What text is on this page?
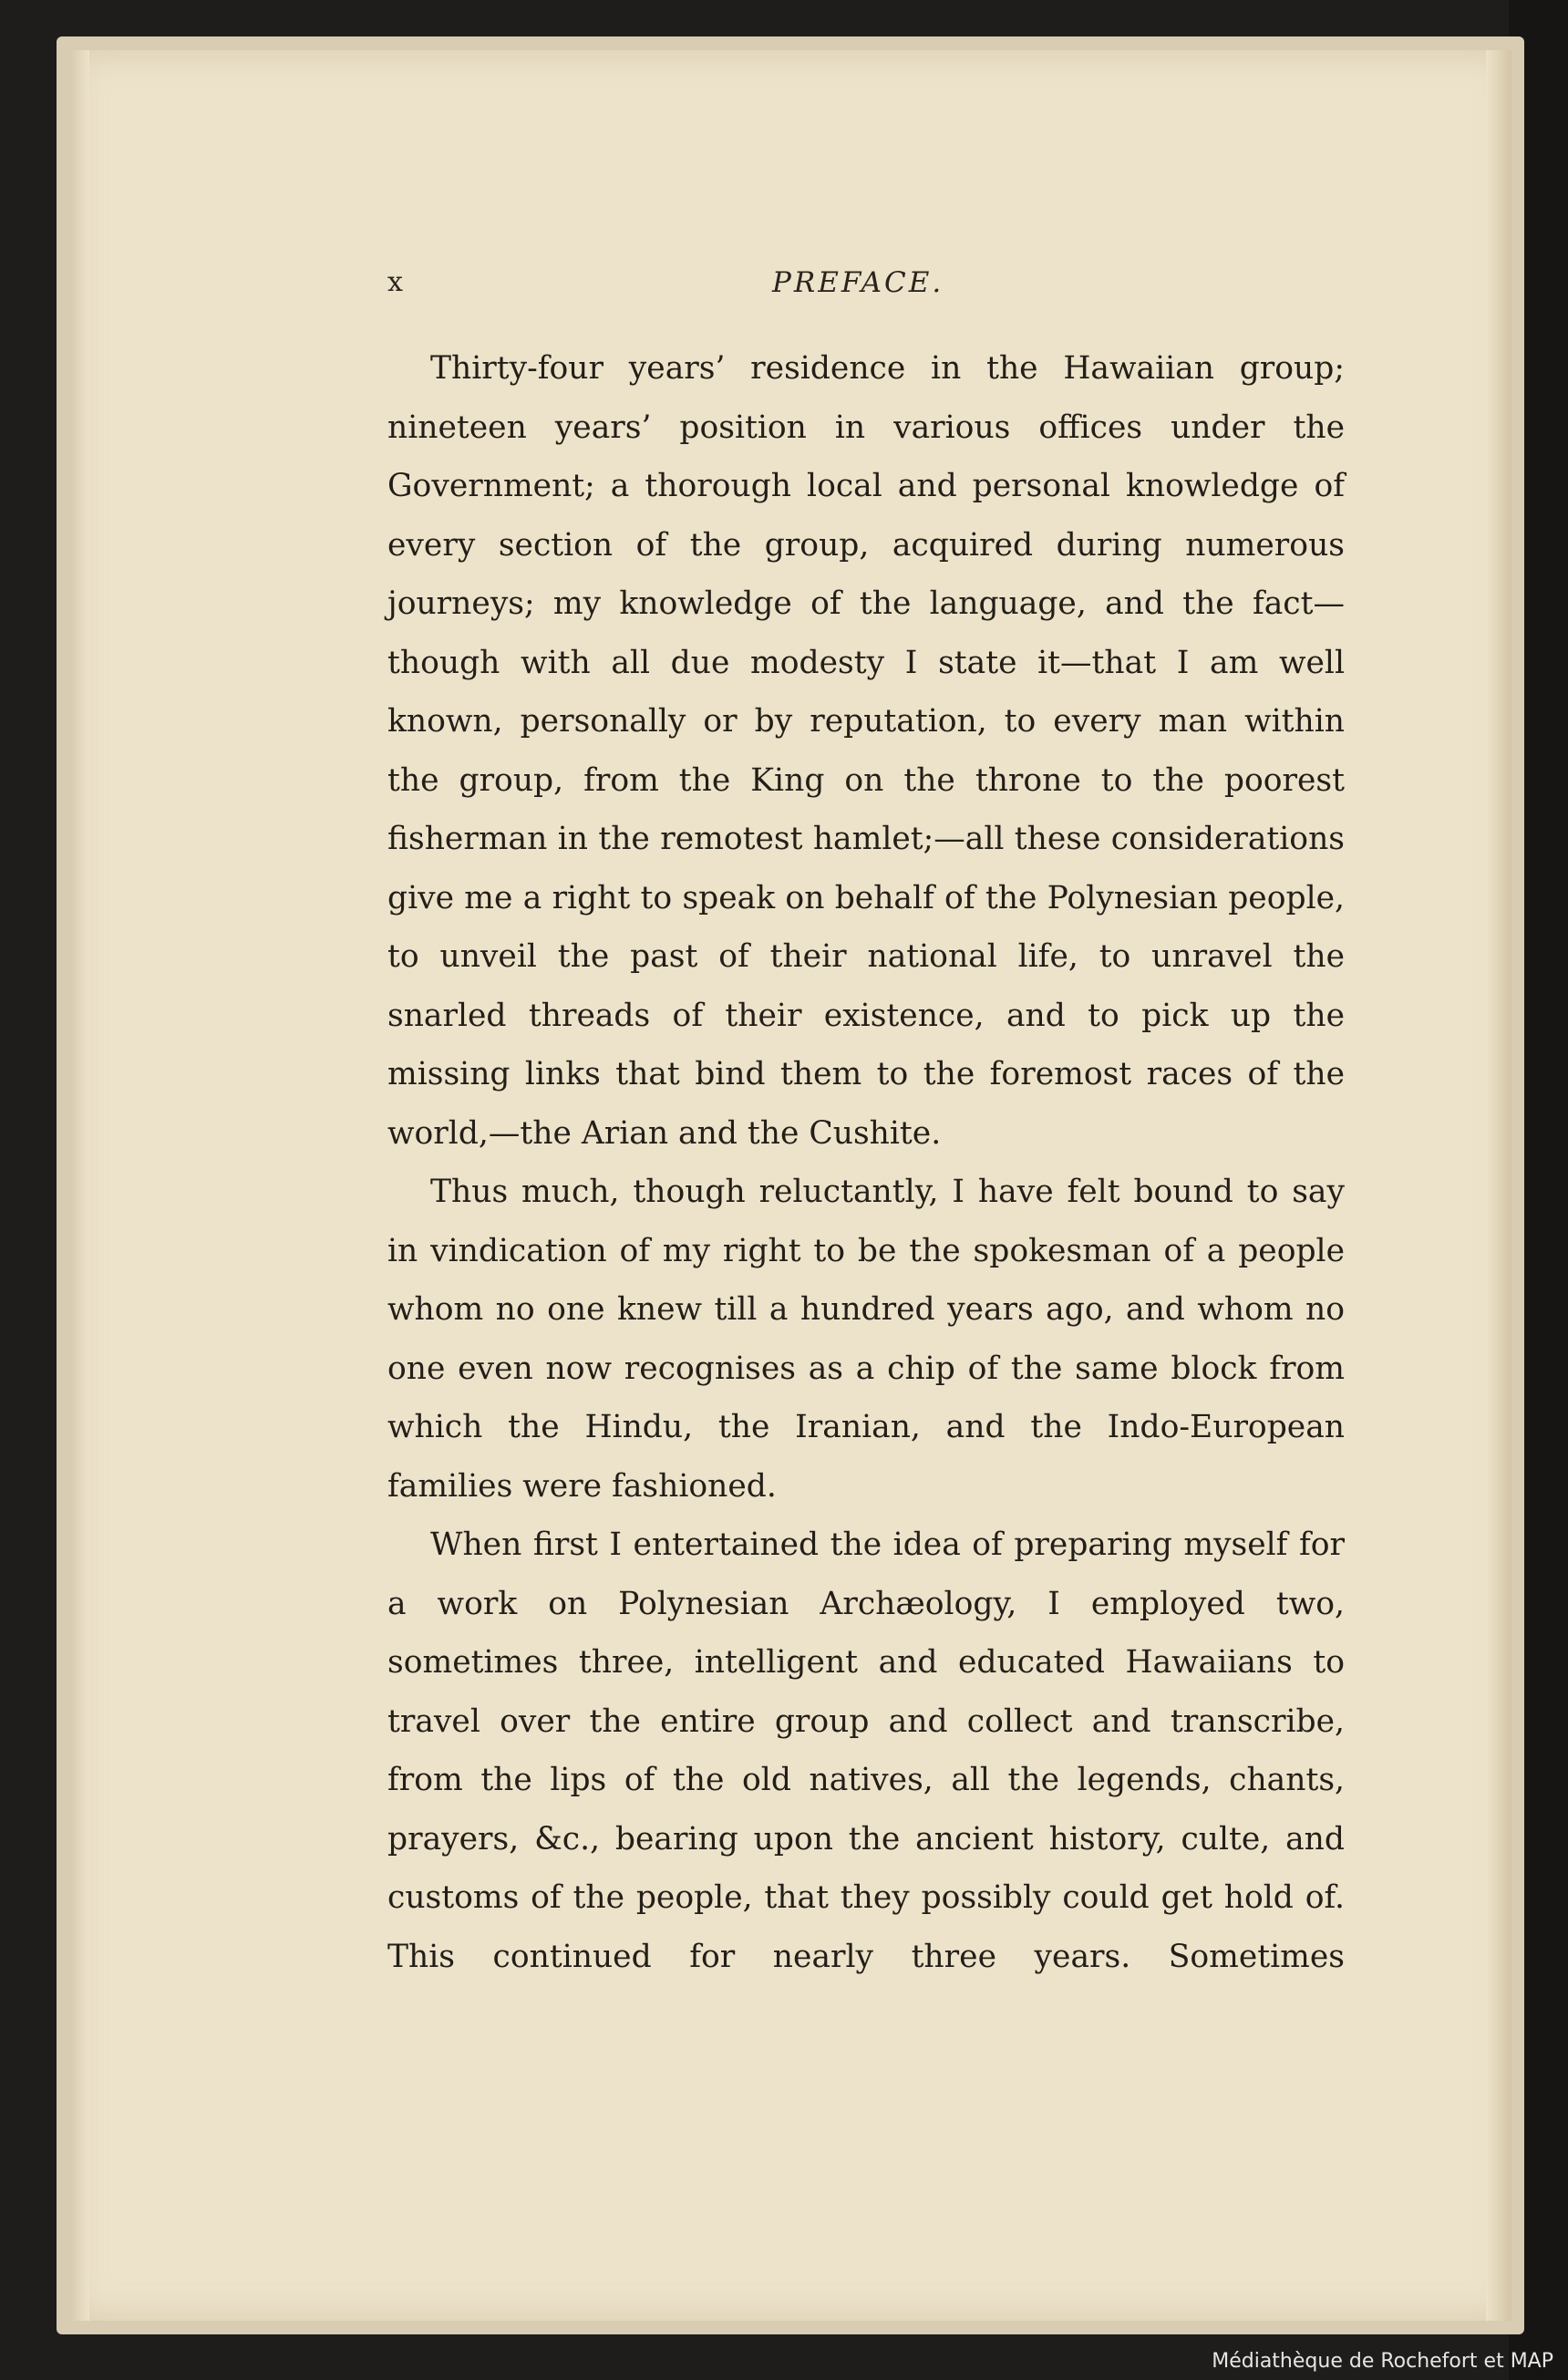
x	PREFACE.

Thirty-four years’ residence in the Hawaiian group; nineteen years’ position in various offices under the Government; a thorough local and personal knowledge of every section of the group, acquired during numerous journeys; my knowledge of the language, and the fact—though with all due modesty I state it—that I am well known, personally or by reputation, to every man within the group, from the King on the throne to the poorest fisherman in the remotest hamlet;—all these considerations give me a right to speak on behalf of the Polynesian people, to unveil the past of their national life, to unravel the snarled threads of their existence, and to pick up the missing links that bind them to the foremost races of the world,—the Arian and the Cushite.

Thus much, though reluctantly, I have felt bound to say in vindication of my right to be the spokesman of a people whom no one knew till a hundred years ago, and whom no one even now recognises as a chip of the same block from which the Hindu, the Iranian, and the Indo-European families were fashioned.

When first I entertained the idea of preparing myself for a work on Polynesian Archæology, I employed two, sometimes three, intelligent and educated Hawaiians to travel over the entire group and collect and transcribe, from the lips of the old natives, all the legends, chants, prayers, &c., bearing upon the ancient history, culte, and customs of the people, that they possibly could get hold of. This continued for nearly three years. Sometimes

Médiathèque de Rochefort et MAP
